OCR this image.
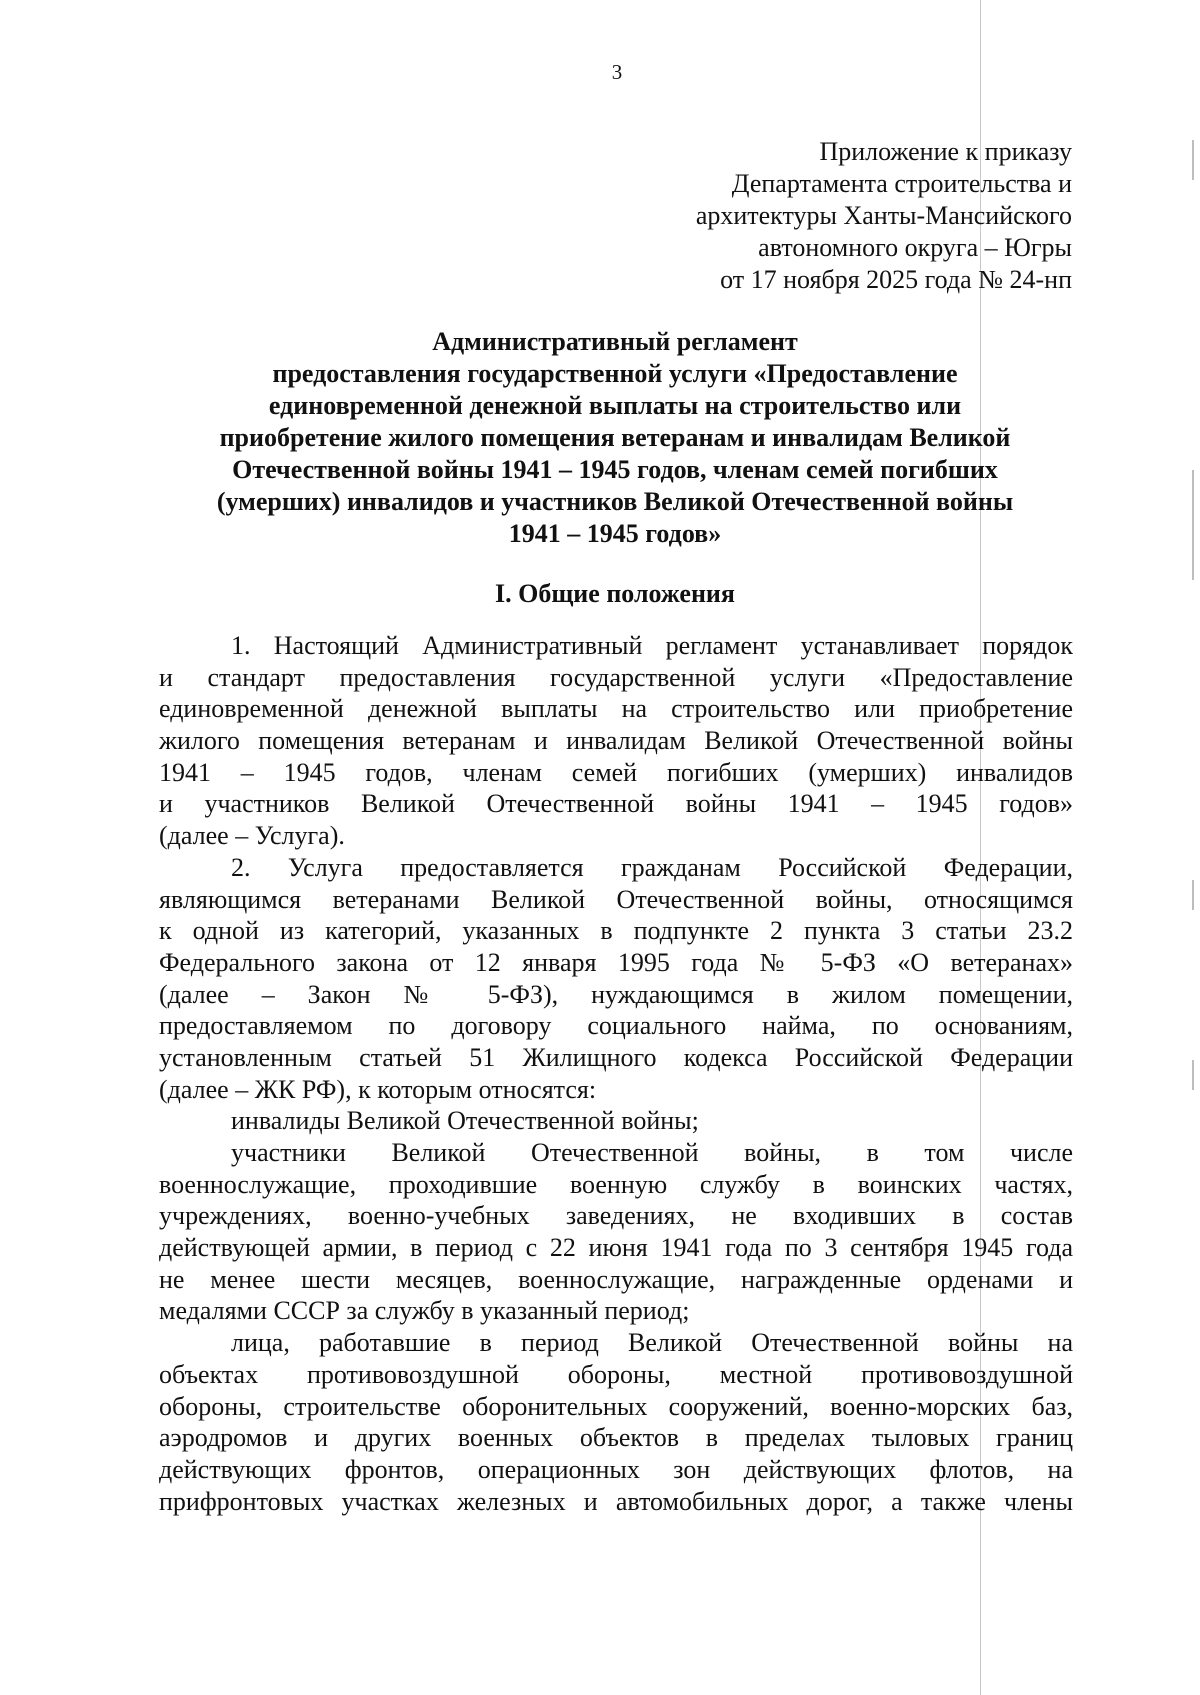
3
Приложение к приказу
Департамента строительства и
архитектуры Ханты-Мансийского
автономного округа – Югры
от 17 ноября 2025 года № 24-нп
Административный регламент
предоставления государственной услуги «Предоставление
единовременной денежной выплаты на строительство или
приобретение жилого помещения ветеранам и инвалидам Великой
Отечественной войны 1941 – 1945 годов, членам семей погибших
(умерших) инвалидов и участников Великой Отечественной войны
1941 – 1945 годов»
I. Общие положения
1. Настоящий Административный регламент устанавливает порядок
и стандарт предоставления государственной услуги «Предоставление
единовременной денежной выплаты на строительство или приобретение
жилого помещения ветеранам и инвалидам Великой Отечественной войны
1941 – 1945 годов, членам семей погибших (умерших) инвалидов
и участников Великой Отечественной войны 1941 – 1945 годов»
(далее – Услуга).
2. Услуга предоставляется гражданам Российской Федерации,
являющимся ветеранами Великой Отечественной войны, относящимся
к одной из категорий, указанных в подпункте 2 пункта 3 статьи 23.2
Федерального закона от 12 января 1995 года № 5-ФЗ «О ветеранах»
(далее – Закон № 5-ФЗ), нуждающимся в жилом помещении,
предоставляемом по договору социального найма, по основаниям,
установленным статьей 51 Жилищного кодекса Российской Федерации
(далее – ЖК РФ), к которым относятся:
инвалиды Великой Отечественной войны;
участники Великой Отечественной войны, в том числе
военнослужащие, проходившие военную службу в воинских частях,
учреждениях, военно-учебных заведениях, не входивших в состав
действующей армии, в период с 22 июня 1941 года по 3 сентября 1945 года
не менее шести месяцев, военнослужащие, награжденные орденами и
медалями СССР за службу в указанный период;
лица, работавшие в период Великой Отечественной войны на
объектах противовоздушной обороны, местной противовоздушной
обороны, строительстве оборонительных сооружений, военно-морских баз,
аэродромов и других военных объектов в пределах тыловых границ
действующих фронтов, операционных зон действующих флотов, на
прифронтовых участках железных и автомобильных дорог, а также члены
